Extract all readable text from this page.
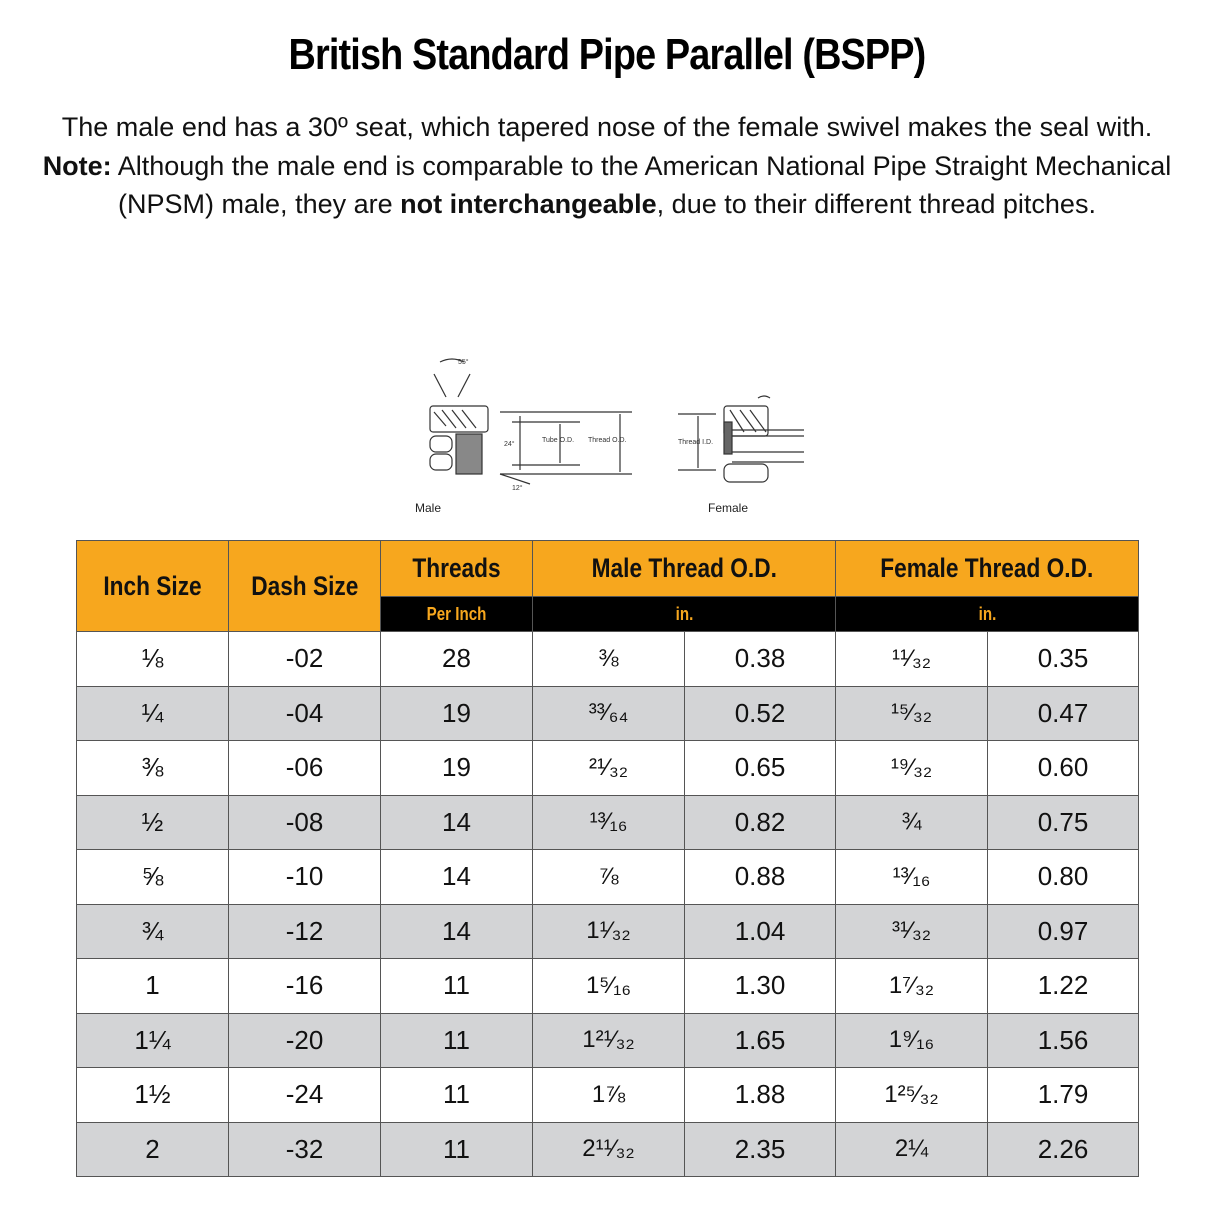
British Standard Pipe Parallel (BSPP)
The male end has a 30º seat, which tapered nose of the female swivel makes the seal with.
Note: Although the male end is comparable to the American National Pipe Straight Mechanical (NPSM) male, they are not interchangeable, due to their different thread pitches.
55°
24°
12°
Tube O.D. Thread O.D.	Thread I.D.
Male	Female
Inch Size	Dash Size	Threads	Male Thread O.D.		Female Thread O.D.	
		Per Inch	in.		in.	
⅛	-02	28	⅜	0.38	¹¹⁄₃₂	0.35
¼	-04	19	³³⁄₆₄	0.52	¹⁵⁄₃₂	0.47
⅜	-06	19	²¹⁄₃₂	0.65	¹⁹⁄₃₂	0.60
½	-08	14	¹³⁄₁₆	0.82	¾	0.75
⅝	-10	14	⅞	0.88	¹³⁄₁₆	0.80
¾	-12	14	1¹⁄₃₂	1.04	³¹⁄₃₂	0.97
1	-16	11	1⁵⁄₁₆	1.30	1⁷⁄₃₂	1.22
1¼	-20	11	1²¹⁄₃₂	1.65	1⁹⁄₁₆	1.56
1½	-24	11	1⅞	1.88	1²⁵⁄₃₂	1.79
2	-32	11	2¹¹⁄₃₂	2.35	2¼	2.26
